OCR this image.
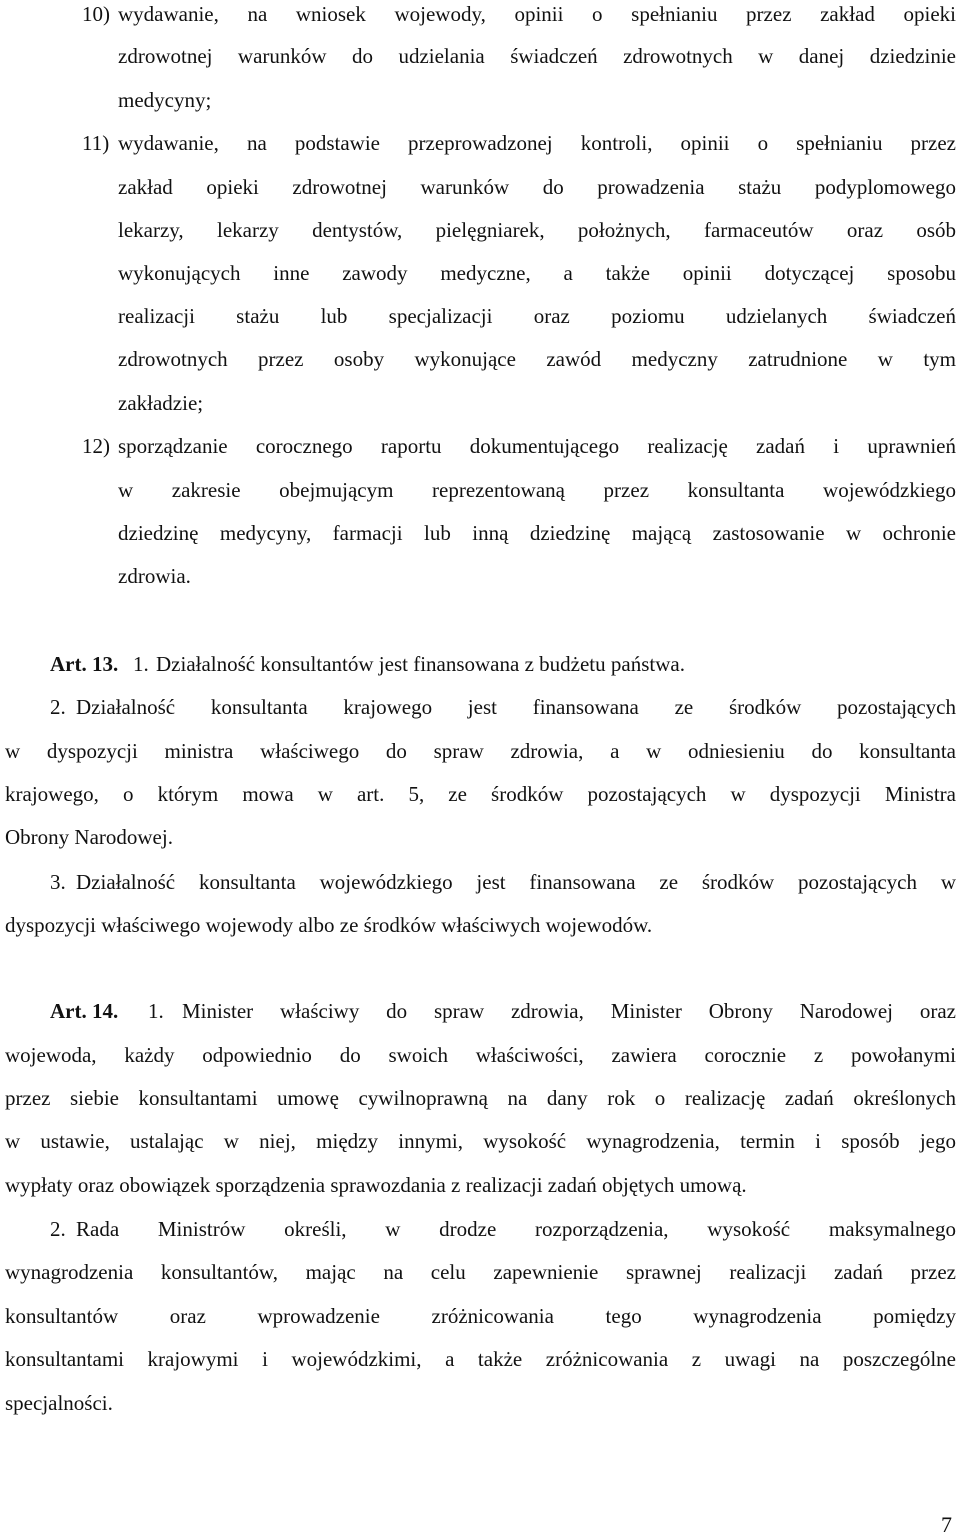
10) wydawanie, na wniosek wojewody, opinii o spełnianiu przez zakład opieki
zdrowotnej warunków do udzielania świadczeń zdrowotnych w danej dziedzinie
medycyny;
11) wydawanie, na podstawie przeprowadzonej kontroli, opinii o spełnianiu przez
zakład opieki zdrowotnej warunków do prowadzenia stażu podyplomowego
lekarzy, lekarzy dentystów, pielęgniarek, położnych, farmaceutów oraz osób
wykonujących inne zawody medyczne, a także opinii dotyczącej sposobu
realizacji stażu lub specjalizacji oraz poziomu udzielanych świadczeń
zdrowotnych przez osoby wykonujące zawód medyczny zatrudnione w tym
zakładzie;
12) sporządzanie corocznego raportu dokumentującego realizację zadań i uprawnień
w zakresie obejmującym reprezentowaną przez konsultanta wojewódzkiego
dziedzinę medycyny, farmacji lub inną dziedzinę mającą zastosowanie w ochronie
zdrowia.
Art. 13. 1. Działalność konsultantów jest finansowana z budżetu państwa.
2. Działalność konsultanta krajowego jest finansowana ze środków pozostających
w dyspozycji ministra właściwego do spraw zdrowia, a w odniesieniu do konsultanta
krajowego, o którym mowa w art. 5, ze środków pozostających w dyspozycji Ministra
Obrony Narodowej.
3. Działalność konsultanta wojewódzkiego jest finansowana ze środków pozostających w
dyspozycji właściwego wojewody albo ze środków właściwych wojewodów.
Art. 14. 1. Minister właściwy do spraw zdrowia, Minister Obrony Narodowej oraz
wojewoda, każdy odpowiednio do swoich właściwości, zawiera corocznie z powołanymi
przez siebie konsultantami umowę cywilnoprawną na dany rok o realizację zadań określonych
w ustawie, ustalając w niej, między innymi, wysokość wynagrodzenia, termin i sposób jego
wypłaty oraz obowiązek sporządzenia sprawozdania z realizacji zadań objętych umową.
2. Rada Ministrów określi, w drodze rozporządzenia, wysokość maksymalnego
wynagrodzenia konsultantów, mając na celu zapewnienie sprawnej realizacji zadań przez
konsultantów oraz wprowadzenie zróżnicowania tego wynagrodzenia pomiędzy
konsultantami krajowymi i wojewódzkimi, a także zróżnicowania z uwagi na poszczególne
specjalności.
7
